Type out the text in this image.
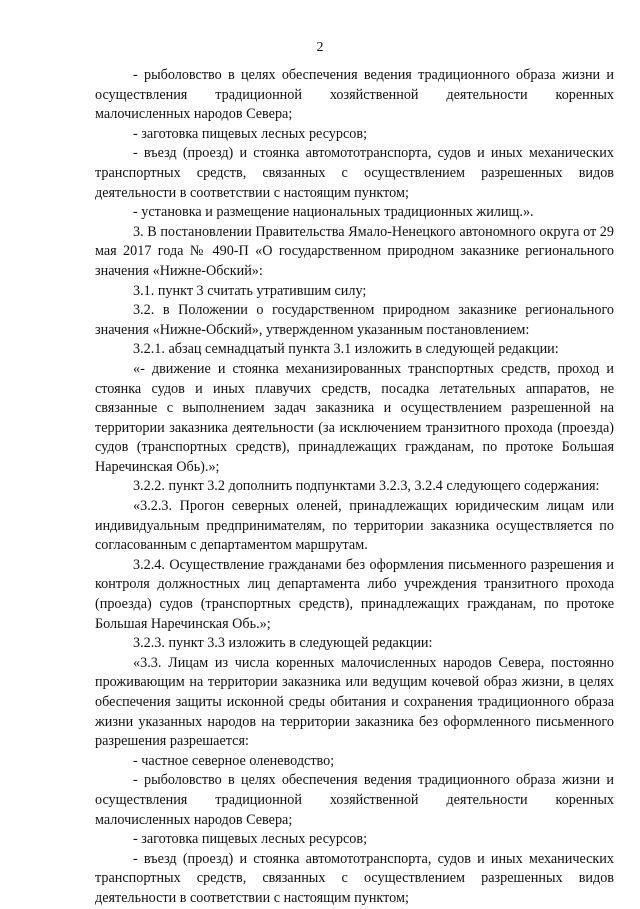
2

- рыболовство в целях обеспечения ведения традиционного образа жизни и осуществления традиционной хозяйственной деятельности коренных малочисленных народов Севера;

- заготовка пищевых лесных ресурсов;

- въезд (проезд) и стоянка автомототранспорта, судов и иных механических транспортных средств, связанных с осуществлением разрешенных видов деятельности в соответствии с настоящим пунктом;

- установка и размещение национальных традиционных жилищ.».

3. В постановлении Правительства Ямало-Ненецкого автономного округа от 29 мая 2017 года № 490-П «О государственном природном заказнике регионального значения «Нижне-Обский»:

3.1. пункт 3 считать утратившим силу;

3.2. в Положении о государственном природном заказнике регионального значения «Нижне-Обский», утвержденном указанным постановлением:

3.2.1. абзац семнадцатый пункта 3.1 изложить в следующей редакции:

«- движение и стоянка механизированных транспортных средств, проход и стоянка судов и иных плавучих средств, посадка летательных аппаратов, не связанные с выполнением задач заказника и осуществлением разрешенной на территории заказника деятельности (за исключением транзитного прохода (проезда) судов (транспортных средств), принадлежащих гражданам, по протоке Большая Наречинская Обь).»;

3.2.2. пункт 3.2 дополнить подпунктами 3.2.3, 3.2.4 следующего содержания:

«3.2.3. Прогон северных оленей, принадлежащих юридическим лицам или индивидуальным предпринимателям, по территории заказника осуществляется по согласованным с департаментом маршрутам.

3.2.4. Осуществление гражданами без оформления письменного разрешения и контроля должностных лиц департамента либо учреждения транзитного прохода (проезда) судов (транспортных средств), принадлежащих гражданам, по протоке Большая Наречинская Обь.»;

3.2.3. пункт 3.3 изложить в следующей редакции:

«3.3. Лицам из числа коренных малочисленных народов Севера, постоянно проживающим на территории заказника или ведущим кочевой образ жизни, в целях обеспечения защиты исконной среды обитания и сохранения традиционного образа жизни указанных народов на территории заказника без оформленного письменного разрешения разрешается:

- частное северное оленеводство;

- рыболовство в целях обеспечения ведения традиционного образа жизни и осуществления традиционной хозяйственной деятельности коренных малочисленных народов Севера;

- заготовка пищевых лесных ресурсов;

- въезд (проезд) и стоянка автомототранспорта, судов и иных механических транспортных средств, связанных с осуществлением разрешенных видов деятельности в соответствии с настоящим пунктом;
